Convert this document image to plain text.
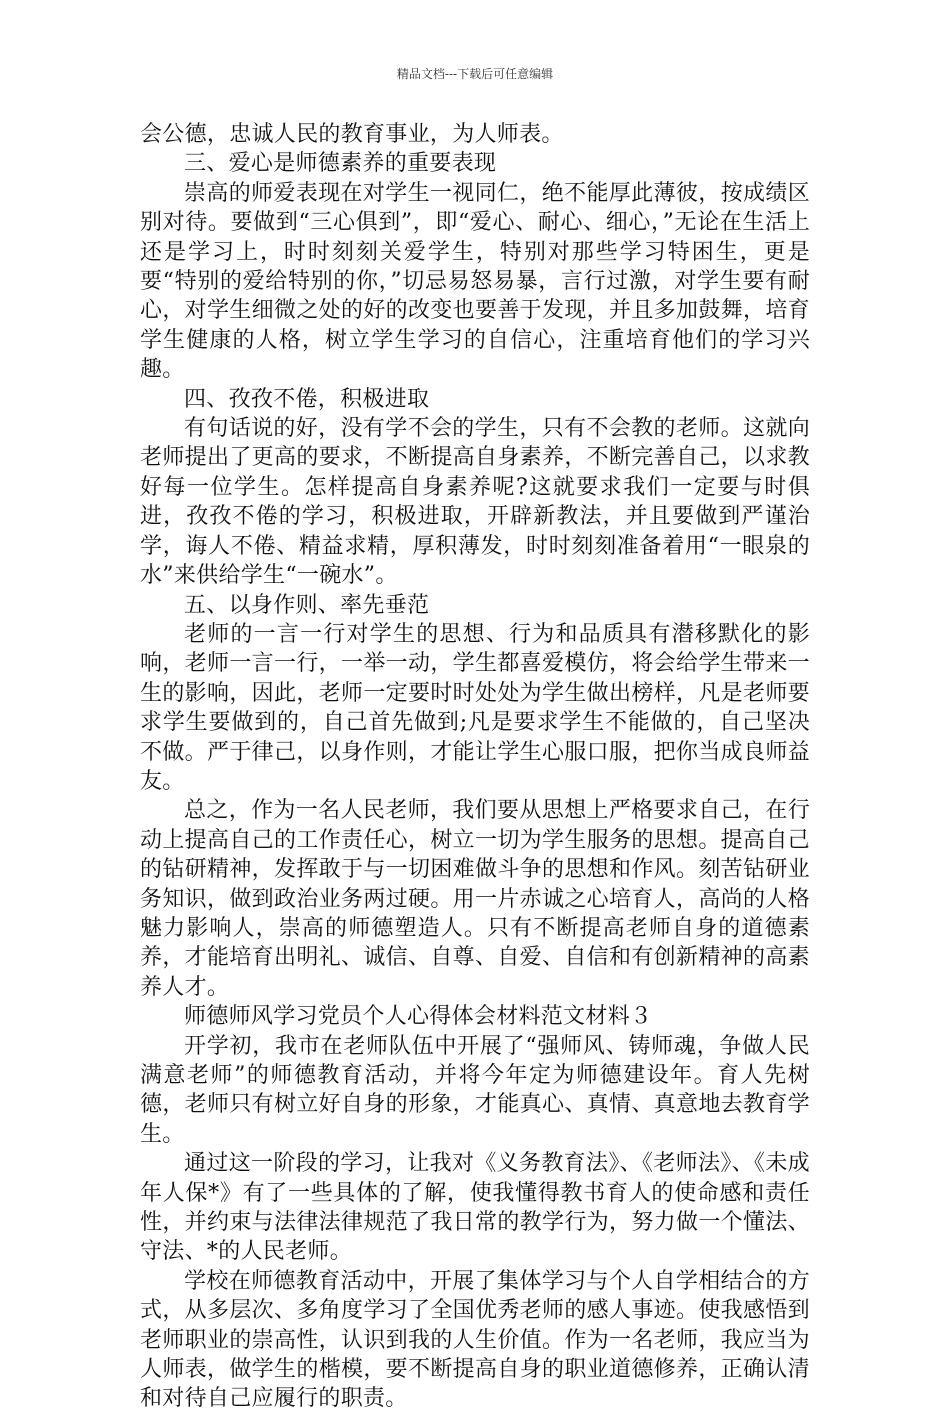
精品文档---下载后可任意编辑

会公德，忠诚人民的教育事业，为人师表。

三、爱心是师德素养的重要表现

崇高的师爱表现在对学生一视同仁，绝不能厚此薄彼，按成绩区别对待。要做到“三心俱到”，即“爱心、耐心、细心，”无论在生活上还是学习上，时时刻刻关爱学生，特别对那些学习特困生，更是要“特别的爱给特别的你，”切忌易怒易暴，言行过激，对学生要有耐心，对学生细微之处的好的改变也要善于发现，并且多加鼓舞，培育学生健康的人格，树立学生学习的自信心，注重培育他们的学习兴趣。

四、孜孜不倦，积极进取

有句话说的好，没有学不会的学生，只有不会教的老师。这就向老师提出了更高的要求，不断提高自身素养，不断完善自己，以求教好每一位学生。怎样提高自身素养呢?这就要求我们一定要与时俱进，孜孜不倦的学习，积极进取，开辟新教法，并且要做到严谨治学，诲人不倦、精益求精，厚积薄发，时时刻刻准备着用“一眼泉的水”来供给学生“一碗水”。

五、以身作则、率先垂范

老师的一言一行对学生的思想、行为和品质具有潜移默化的影响，老师一言一行，一举一动，学生都喜爱模仿，将会给学生带来一生的影响，因此，老师一定要时时处处为学生做出榜样，凡是老师要求学生要做到的，自己首先做到;凡是要求学生不能做的，自己坚决不做。严于律己，以身作则，才能让学生心服口服，把你当成良师益友。

总之，作为一名人民老师，我们要从思想上严格要求自己，在行动上提高自己的工作责任心，树立一切为学生服务的思想。提高自己的钻研精神，发挥敢于与一切困难做斗争的思想和作风。刻苦钻研业务知识，做到政治业务两过硬。用一片赤诚之心培育人，高尚的人格魅力影响人，崇高的师德塑造人。只有不断提高老师自身的道德素养，才能培育出明礼、诚信、自尊、自爱、自信和有创新精神的高素养人才。

师德师风学习党员个人心得体会材料范文材料３

开学初，我市在老师队伍中开展了“强师风、铸师魂，争做人民满意老师”的师德教育活动，并将今年定为师德建设年。育人先树德，老师只有树立好自身的形象，才能真心、真情、真意地去教育学生。

通过这一阶段的学习，让我对《义务教育法》、《老师法》、《未成年人保*》有了一些具体的了解，使我懂得教书育人的使命感和责任性，并约束与法律法律规范了我日常的教学行为，努力做一个懂法、守法、*的人民老师。

学校在师德教育活动中，开展了集体学习与个人自学相结合的方式，从多层次、多角度学习了全国优秀老师的感人事迹。使我感悟到老师职业的崇高性，认识到我的人生价值。作为一名老师，我应当为人师表，做学生的楷模，要不断提高自身的职业道德修养，正确认清和对待自己应履行的职责。
